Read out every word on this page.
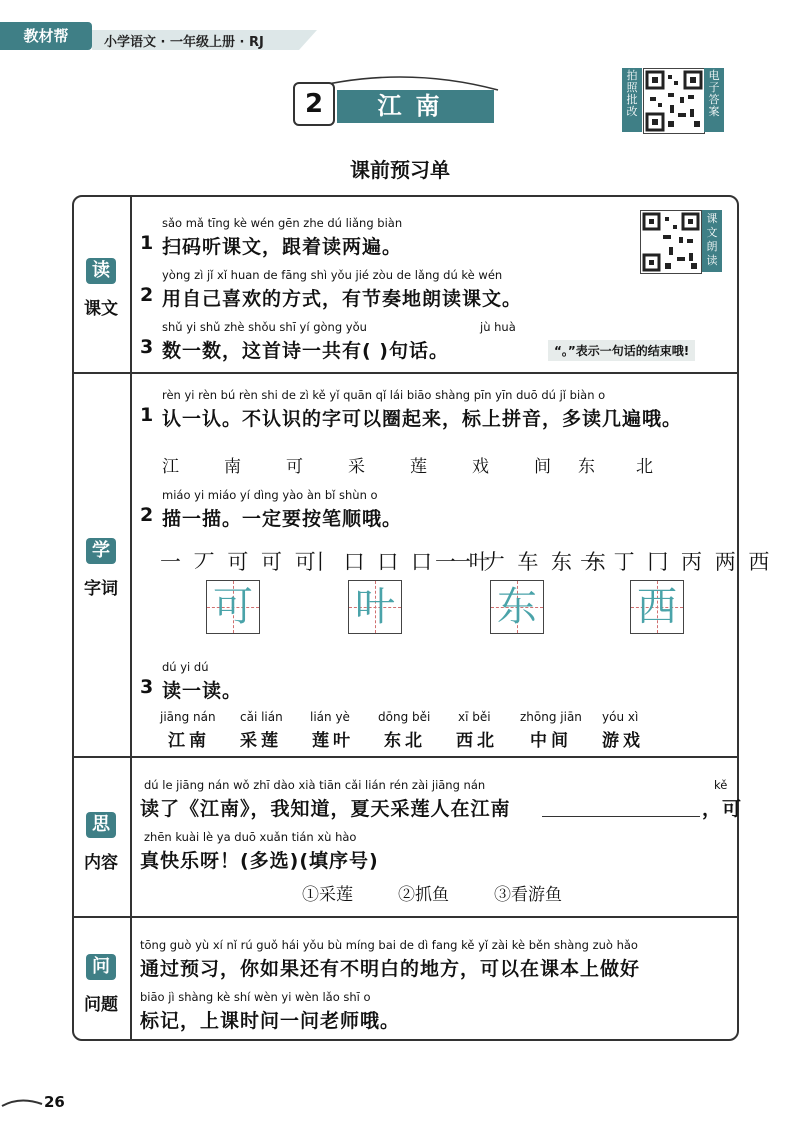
教材帮	小学语文 · 一年级上册 · RJ
2	江南
拍照批改
电子答案
课前预习单
读
课文
sǎo mǎ tīng kè wén gēn zhe dú liǎng biàn
1 扫码听课文，跟着读两遍。
课文朗读
yòng zì jǐ xǐ huan de fāng shì yǒu jié zòu de lǎng dú kè wén
2 用自己喜欢的方式，有节奏地朗读课文。
shǔ yi shǔ zhè shǒu shī yí gòng yǒu	jù huà
3 数一数，这首诗一共有( )句话。	“。”表示一句话的结束哦!
学
字词
rèn yi rèn bú rèn shi de zì kě yǐ quān qǐ lái biāo shàng pīn yīn duō dú jǐ biàn o
1 认一认。不认识的字可以圈起来，标上拼音，多读几遍哦。
江	南	可	采	莲	戏	间 东 北
miáo yi miáo yí dìng yào àn bǐ shùn o
2 描一描。一定要按笔顺哦。
一 丆 可 可 可
丨 口 口 口一 叶
一 𠂇 车 东 东
一 丁 冂 丙 两 西
可	叶	东	西
dú yi dú
3 读一读。
jiāng nán
江南
cǎi lián
采莲
lián yè
莲叶
dōng běi
东北
xī běi
西北
zhōng jiān
中间
yóu xì
游戏
思
内容
dú le jiāng nán wǒ zhī dào xià tiān cǎi lián rén zài jiāng nán	kě
读了《江南》，我知道，夏天采莲人在江南	，可
zhēn kuài lè ya duō xuǎn tián xù hào
真快乐呀！(多选)(填序号)
①采莲	②抓鱼	③看游鱼
问
问题
tōng guò yù xí nǐ rú guǒ hái yǒu bù míng bai de dì fang kě yǐ zài kè běn shàng zuò hǎo
通过预习，你如果还有不明白的地方，可以在课本上做好
biāo jì shàng kè shí wèn yi wèn lǎo shī o
标记，上课时问一问老师哦。
26
